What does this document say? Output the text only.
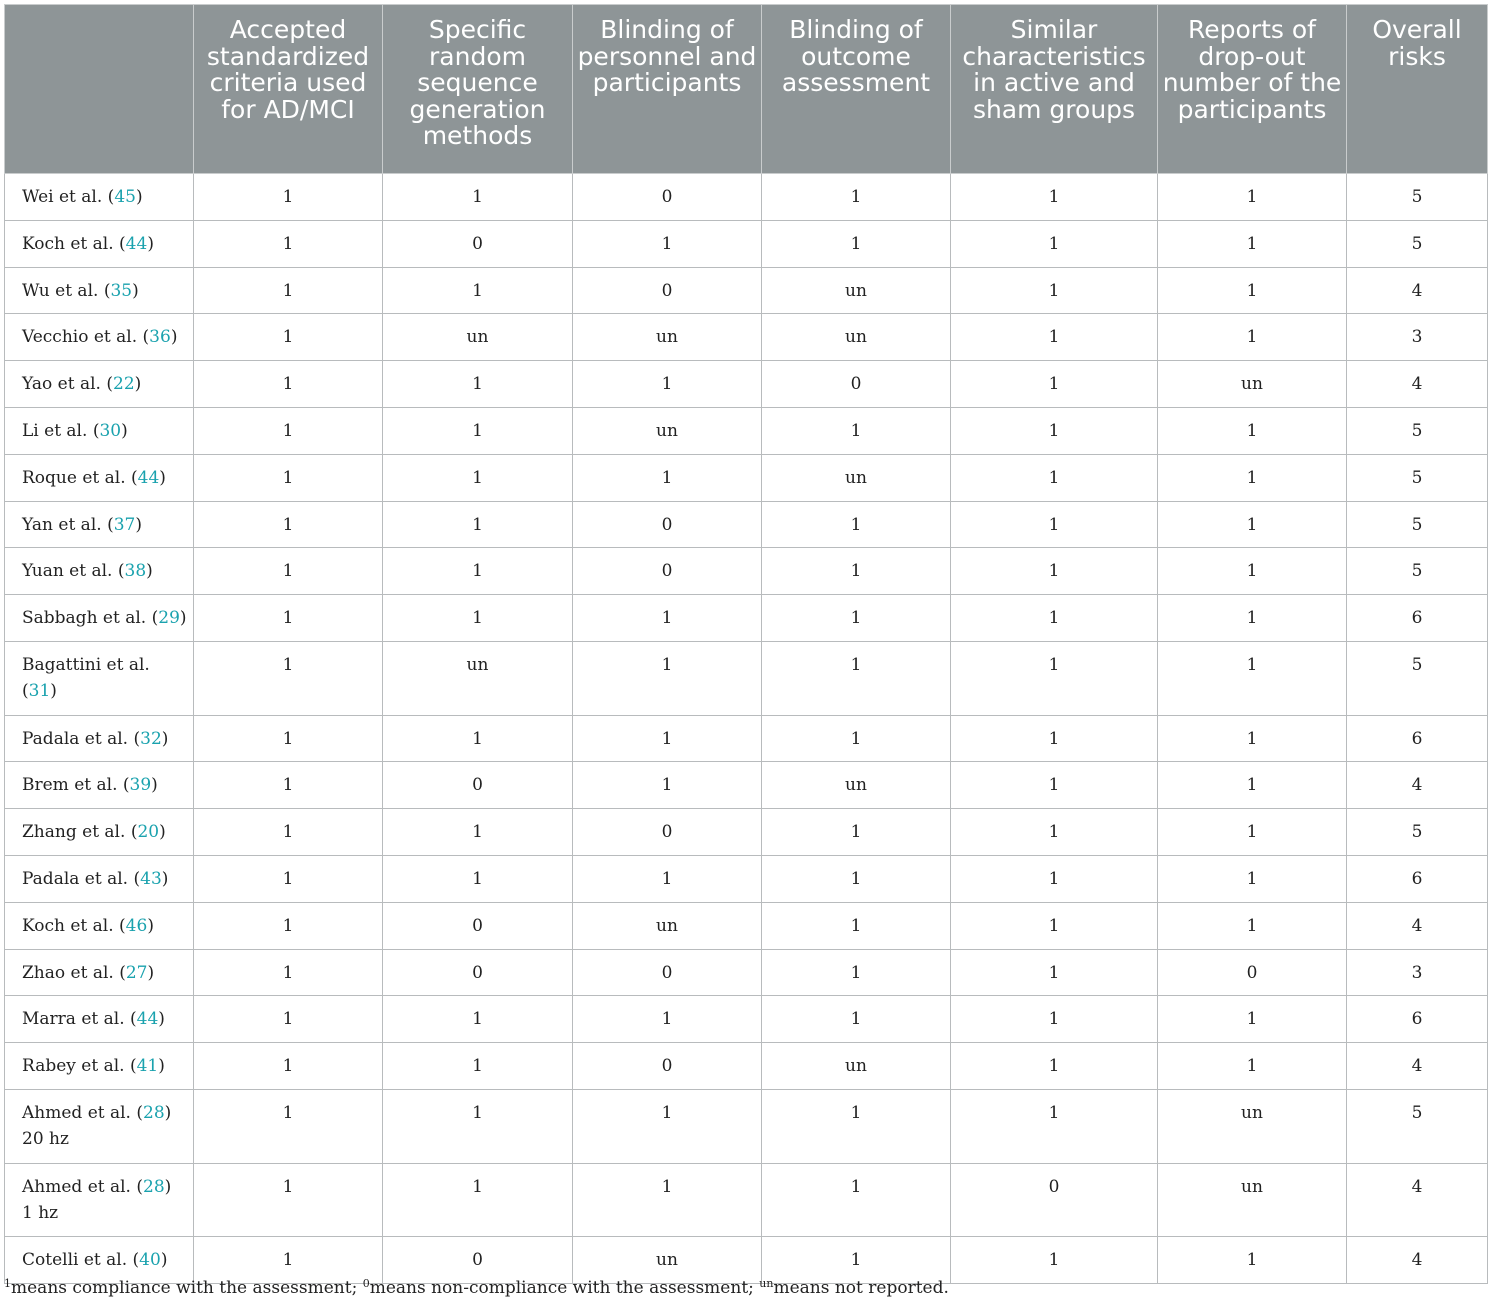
	Accepted standardized criteria used for AD/MCI	Specific random sequence generation methods	Blinding of personnel and participants	Blinding of outcome assessment	Similar characteristics in active and sham groups	Reports of drop-out number of the participants	Overall risks
Wei et al. (45)	1	1	0	1	1	1	5
Koch et al. (44)	1	0	1	1	1	1	5
Wu et al. (35)	1	1	0	un	1	1	4
Vecchio et al. (36)	1	un	un	un	1	1	3
Yao et al. (22)	1	1	1	0	1	un	4
Li et al. (30)	1	1	un	1	1	1	5
Roque et al. (44)	1	1	1	un	1	1	5
Yan et al. (37)	1	1	0	1	1	1	5
Yuan et al. (38)	1	1	0	1	1	1	5
Sabbagh et al. (29)	1	1	1	1	1	1	6
Bagattini et al.
(31)	1	un	1	1	1	1	5
Padala et al. (32)	1	1	1	1	1	1	6
Brem et al. (39)	1	0	1	un	1	1	4
Zhang et al. (20)	1	1	0	1	1	1	5
Padala et al. (43)	1	1	1	1	1	1	6
Koch et al. (46)	1	0	un	1	1	1	4
Zhao et al. (27)	1	0	0	1	1	0	3
Marra et al. (44)	1	1	1	1	1	1	6
Rabey et al. (41)	1	1	0	un	1	1	4
Ahmed et al. (28)
20 hz	1	1	1	1	1	un	5
Ahmed et al. (28)
1 hz	1	1	1	1	0	un	4
Cotelli et al. (40)	1	0	un	1	1	1	4
$^1$means compliance with the assessment; $^0$means non-compliance with the assessment; $^{un}$means not reported.
